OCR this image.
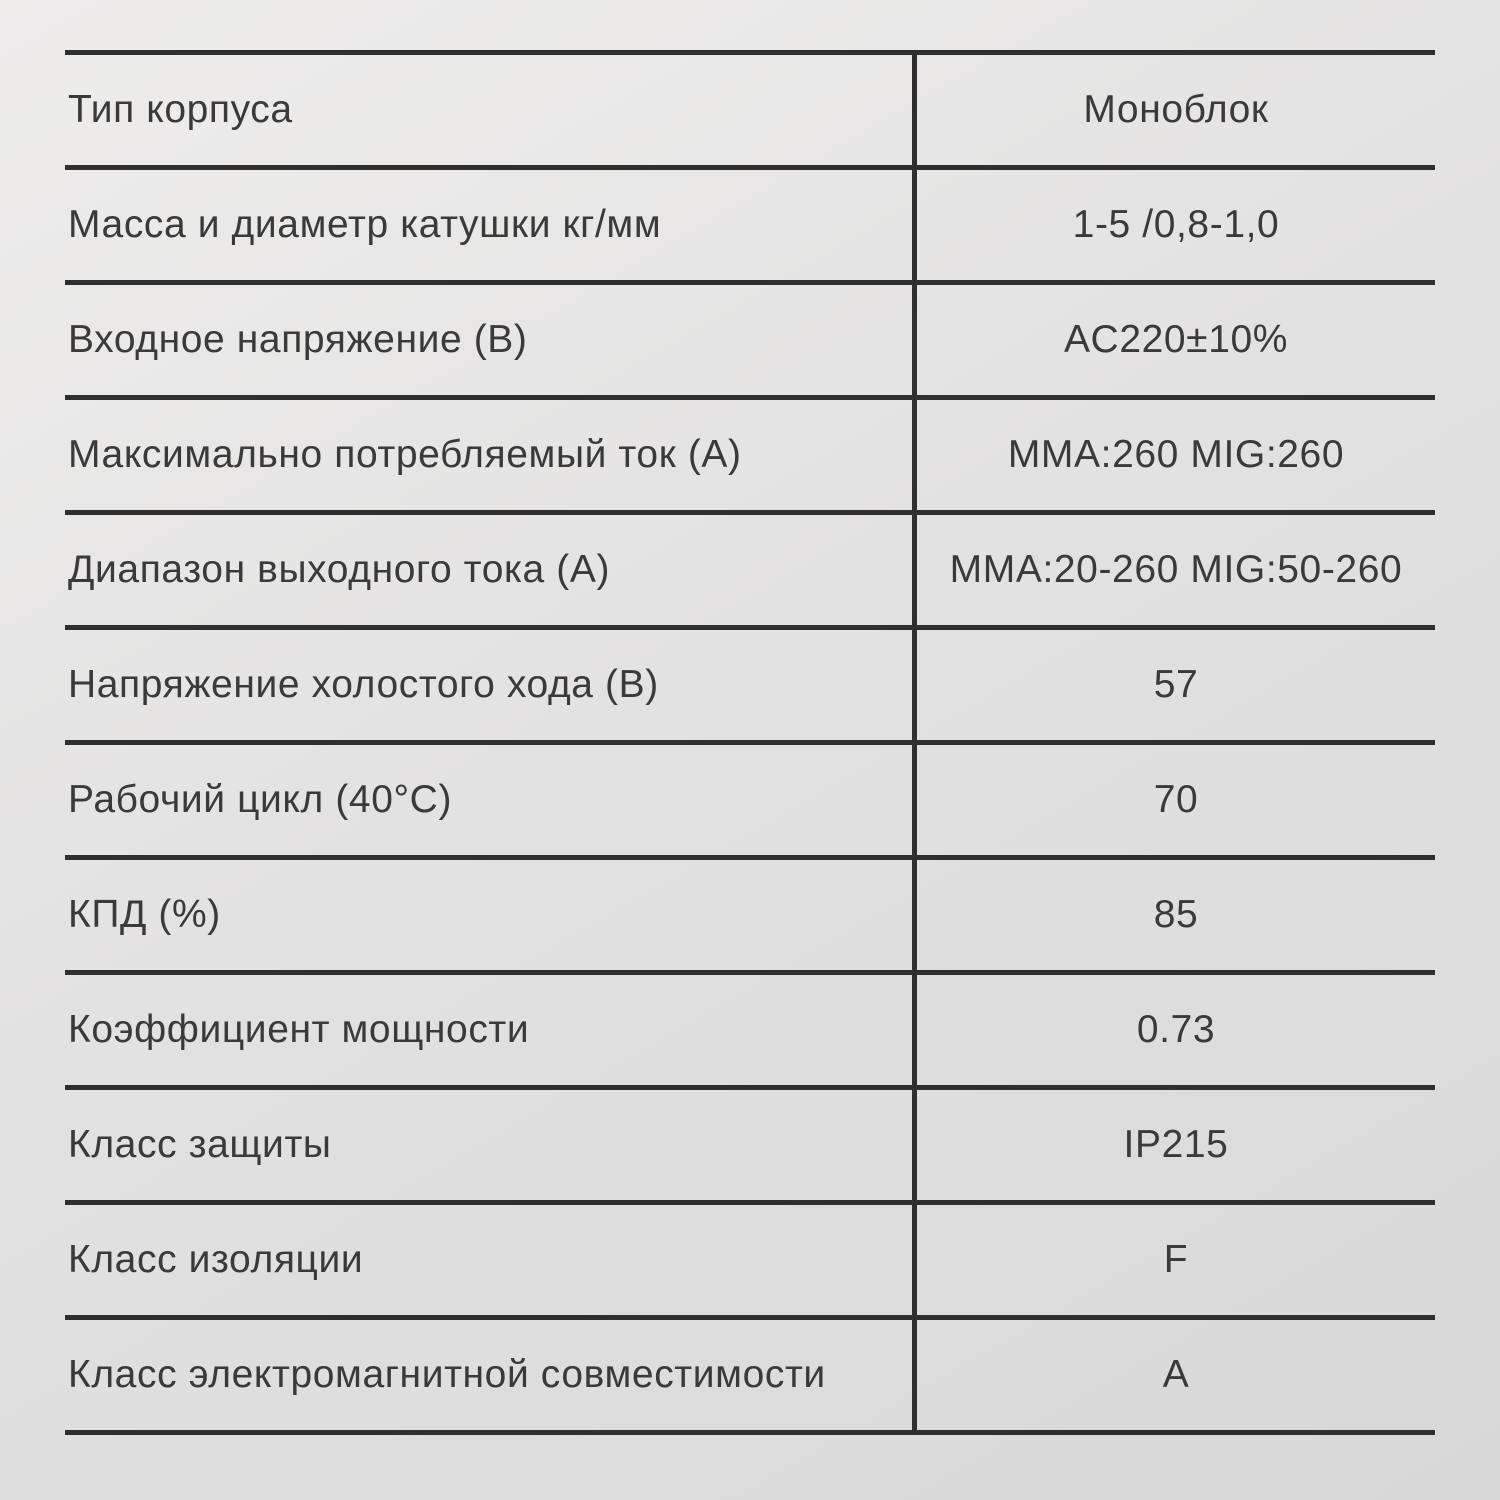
Тип корпуса	Моноблок
Масса и диаметр катушки кг/мм	1-5 /0,8-1,0
Входное напряжение (В)	AC220±10%
Максимально потребляемый ток (А)	MMA:260 MIG:260
Диапазон выходного тока (А)	MMA:20-260 MIG:50-260
Напряжение холостого хода (В)	57
Рабочий цикл (40°C)	70
КПД (%)	85
Коэффициент мощности	0.73
Класс защиты	IP215
Класс изоляции	F
Класс электромагнитной совместимости	A
